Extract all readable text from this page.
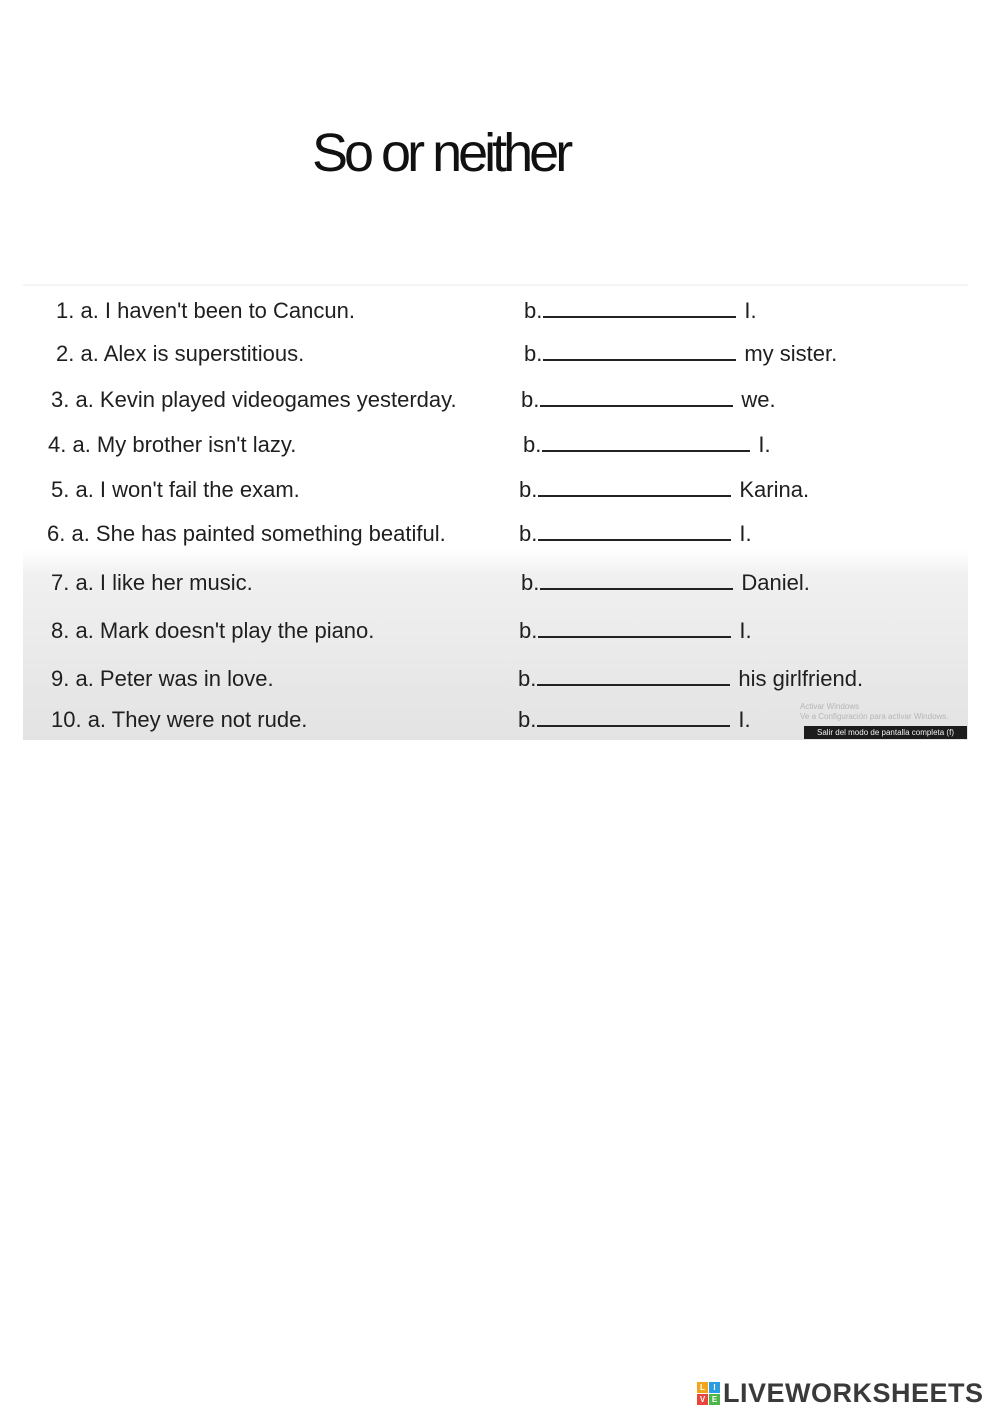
So or neither
1. a. I haven't been to Cancun.	b.	I.
2. a. Alex is superstitious.	b.	my sister.
3. a. Kevin played videogames yesterday.	b.	we.
4. a. My brother isn't lazy.	b.	I.
5. a. I won't fail the exam.	b.	Karina.
6. a. She has painted something beatiful.	b.	I.
7. a. I like her music.	b.	Daniel.
8. a. Mark doesn't play the piano.	b.	I.
9. a. Peter was in love.	b.	his girlfriend.
10. a. They were not rude.	b.	I.
Activar Windows
Ve a Configuración para activar Windows.
Salir del modo de pantalla completa (f)
L	I
V E LIVEWORKSHEETS
